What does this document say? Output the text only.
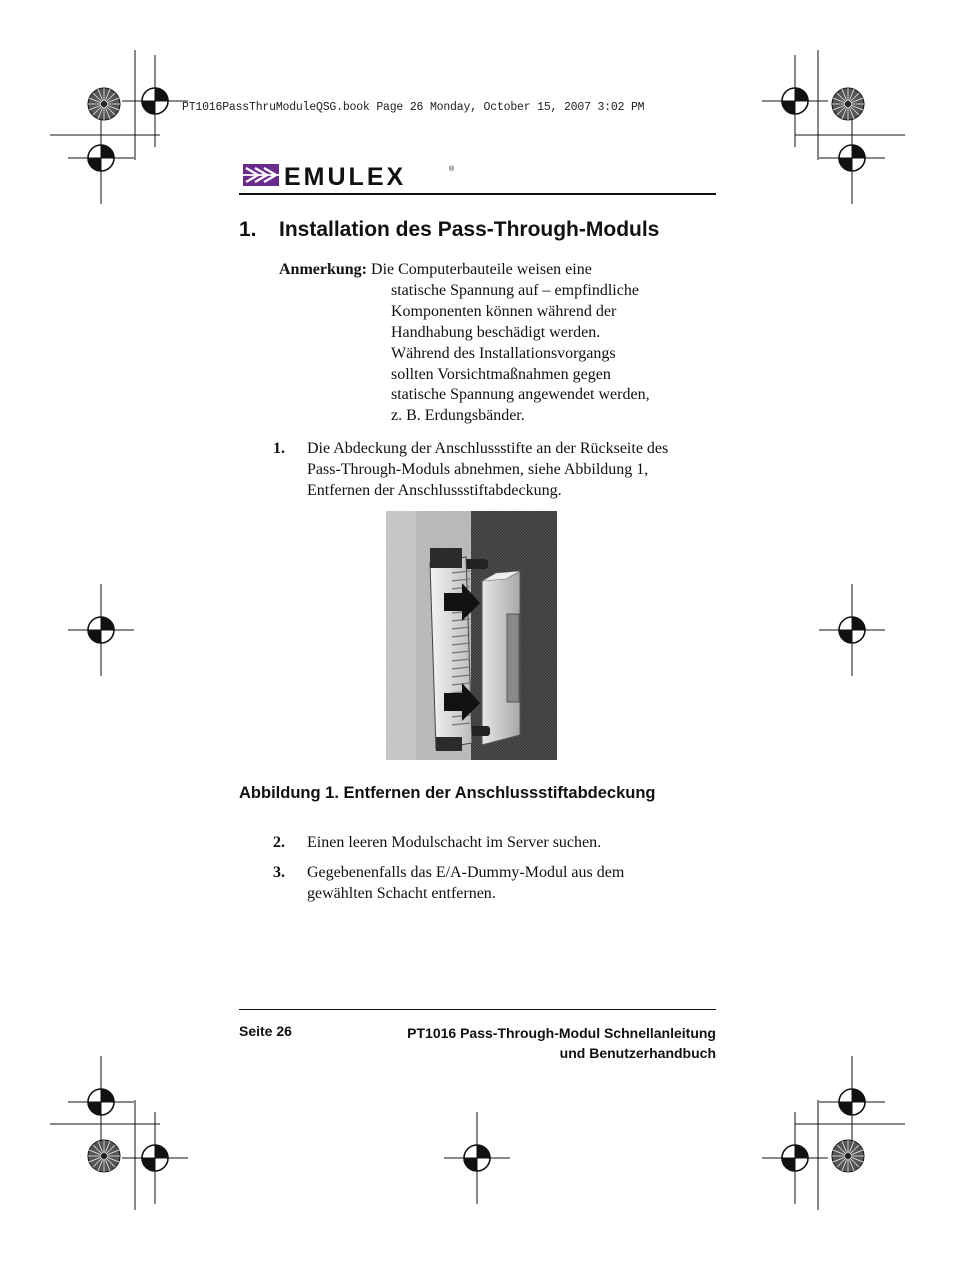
PT1016PassThruModuleQSG.book Page 26 Monday, October 15, 2007 3:02 PM
EMULEX	®
1. Installation des Pass-Through-Moduls
Anmerkung: Die Computerbauteile weisen eine
statische Spannung auf – empfindliche
Komponenten können während der
Handhabung beschädigt werden.
Während des Installationsvorgangs
sollten Vorsichtmaßnahmen gegen
statische Spannung angewendet werden,
z. B. Erdungsbänder.
1. Die Abdeckung der Anschlussstifte an der Rückseite des
Pass-Through-Moduls abnehmen, siehe Abbildung 1,
Entfernen der Anschlussstiftabdeckung.
Abbildung 1. Entfernen der Anschlussstiftabdeckung
2. Einen leeren Modulschacht im Server suchen.
3. Gegebenenfalls das E/A-Dummy-Modul aus dem
gewählten Schacht entfernen.
Seite 26	PT1016 Pass-Through-Modul Schnellanleitung
und Benutzerhandbuch
